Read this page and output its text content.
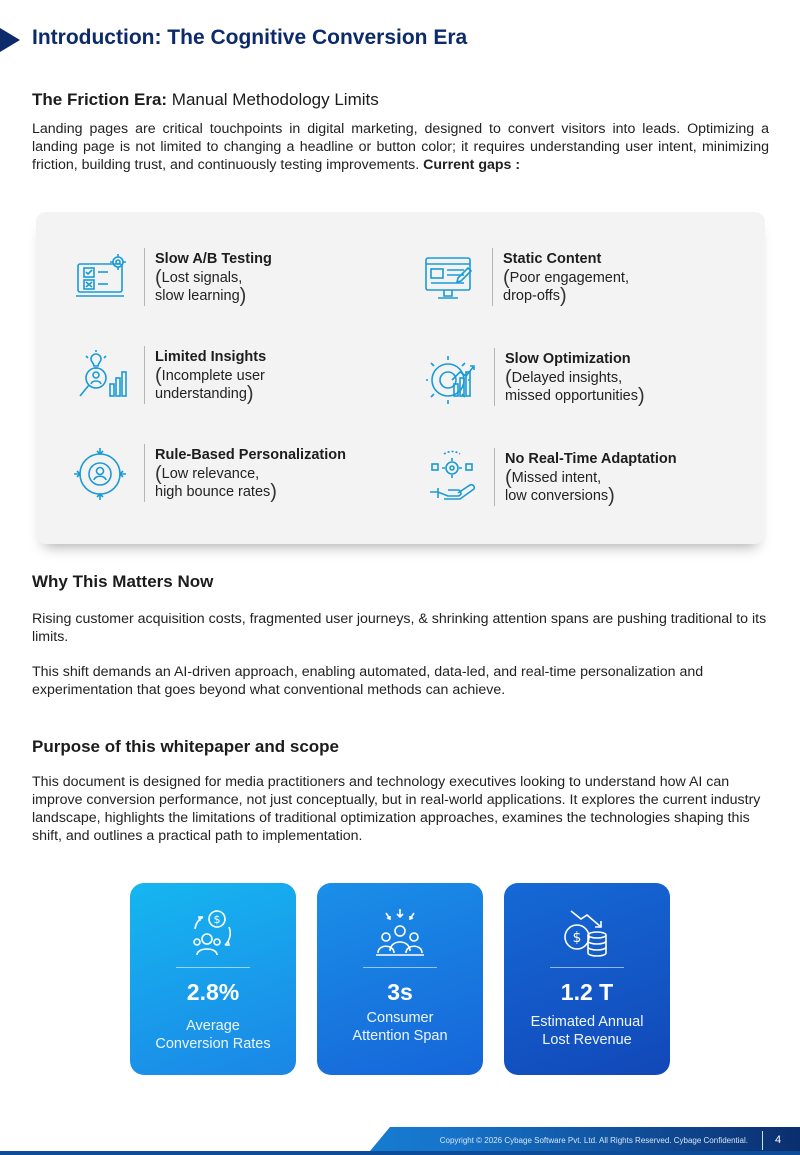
Introduction: The Cognitive Conversion Era
The Friction Era: Manual Methodology Limits
Landing pages are critical touchpoints in digital marketing, designed to convert visitors into leads. Optimizing a landing page is not limited to changing a headline or button color; it requires understanding user intent, minimizing friction, building trust, and continuously testing improvements. Current gaps :
Slow A/B Testing
(Lost signals,
slow learning)
Static Content
(Poor engagement,
drop-offs)
Limited Insights
(Incomplete user
understanding)
Slow Optimization
(Delayed insights,
missed opportunities)
Rule-Based Personalization
(Low relevance,
high bounce rates)
No Real-Time Adaptation
(Missed intent,
low conversions)
Why This Matters Now
Rising customer acquisition costs, fragmented user journeys, & shrinking attention spans are pushing traditional to its limits.
This shift demands an AI-driven approach, enabling automated, data-led, and real-time personalization and experimentation that goes beyond what conventional methods can achieve.
Purpose of this whitepaper and scope
This document is designed for media practitioners and technology executives looking to understand how AI can improve conversion performance, not just conceptually, but in real-world applications. It explores the current industry landscape, highlights the limitations of traditional optimization approaches, examines the technologies shaping this shift, and outlines a practical path to implementation.
$
2.8%
Average
Conversion Rates
3s
Consumer
Attention Span
$
1.2 T
Estimated Annual
Lost Revenue
Copyright © 2026 Cybage Software Pvt. Ltd. All Rights Reserved. Cybage Confidential. 4
